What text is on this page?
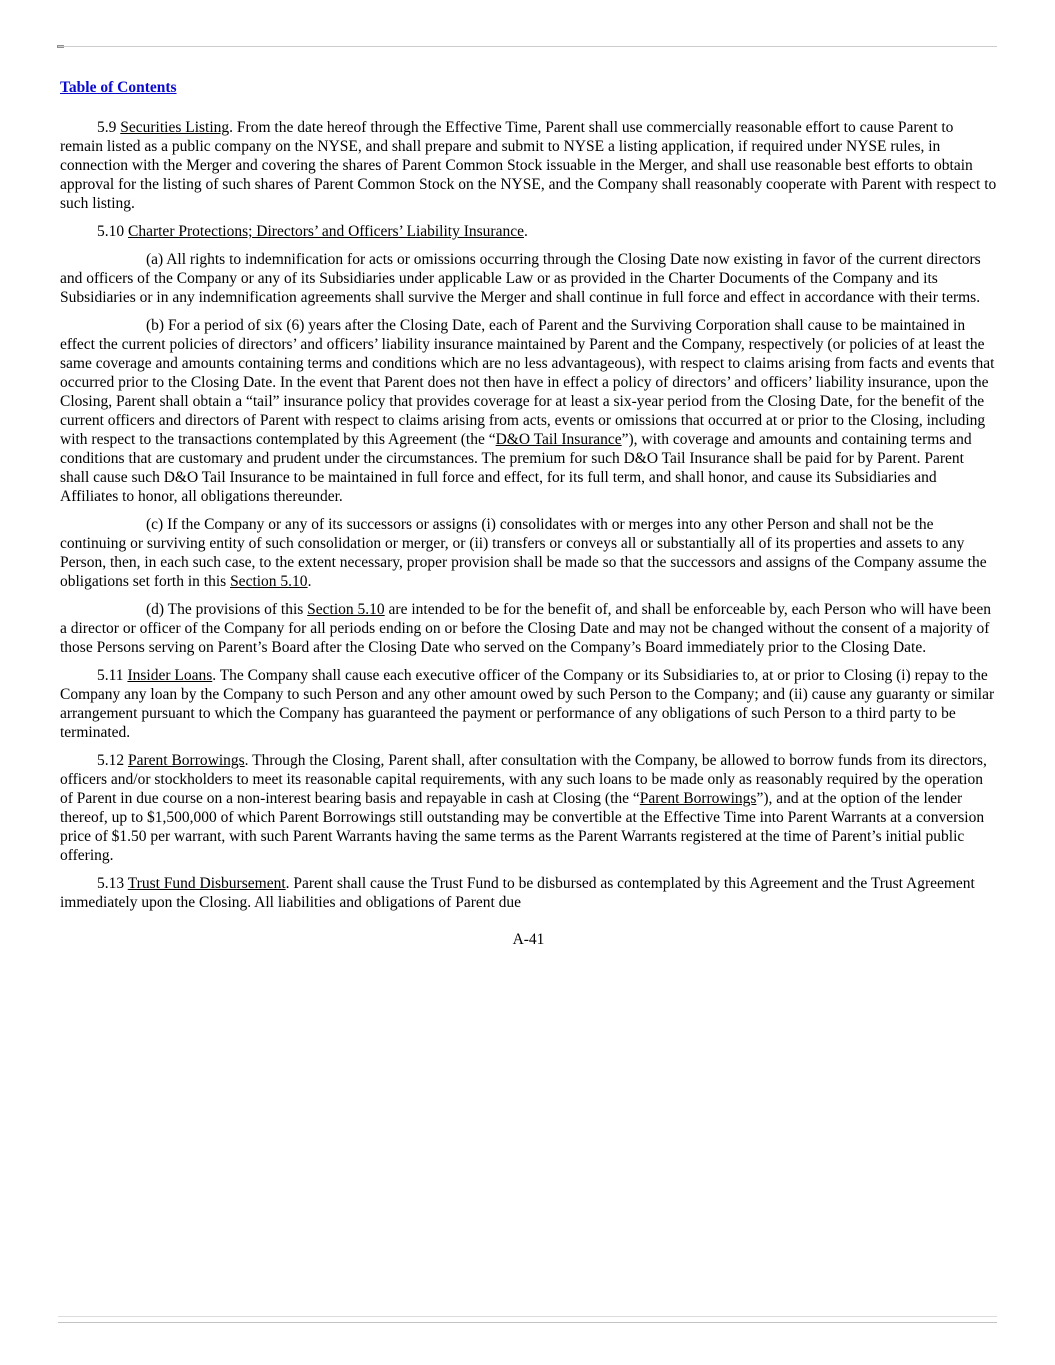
Table of Contents

5.9 Securities Listing. From the date hereof through the Effective Time, Parent shall use commercially reasonable effort to cause Parent to remain listed as a public company on the NYSE, and shall prepare and submit to NYSE a listing application, if required under NYSE rules, in connection with the Merger and covering the shares of Parent Common Stock issuable in the Merger, and shall use reasonable best efforts to obtain approval for the listing of such shares of Parent Common Stock on the NYSE, and the Company shall reasonably cooperate with Parent with respect to such listing.

5.10 Charter Protections; Directors’ and Officers’ Liability Insurance.

(a) All rights to indemnification for acts or omissions occurring through the Closing Date now existing in favor of the current directors and officers of the Company or any of its Subsidiaries under applicable Law or as provided in the Charter Documents of the Company and its Subsidiaries or in any indemnification agreements shall survive the Merger and shall continue in full force and effect in accordance with their terms.

(b) For a period of six (6) years after the Closing Date, each of Parent and the Surviving Corporation shall cause to be maintained in effect the current policies of directors’ and officers’ liability insurance maintained by Parent and the Company, respectively (or policies of at least the same coverage and amounts containing terms and conditions which are no less advantageous), with respect to claims arising from facts and events that occurred prior to the Closing Date. In the event that Parent does not then have in effect a policy of directors’ and officers’ liability insurance, upon the Closing, Parent shall obtain a “tail” insurance policy that provides coverage for at least a six-year period from the Closing Date, for the benefit of the current officers and directors of Parent with respect to claims arising from acts, events or omissions that occurred at or prior to the Closing, including with respect to the transactions contemplated by this Agreement (the “D&O Tail Insurance”), with coverage and amounts and containing terms and conditions that are customary and prudent under the circumstances. The premium for such D&O Tail Insurance shall be paid for by Parent. Parent shall cause such D&O Tail Insurance to be maintained in full force and effect, for its full term, and shall honor, and cause its Subsidiaries and Affiliates to honor, all obligations thereunder.

(c) If the Company or any of its successors or assigns (i) consolidates with or merges into any other Person and shall not be the continuing or surviving entity of such consolidation or merger, or (ii) transfers or conveys all or substantially all of its properties and assets to any Person, then, in each such case, to the extent necessary, proper provision shall be made so that the successors and assigns of the Company assume the obligations set forth in this Section 5.10.

(d) The provisions of this Section 5.10 are intended to be for the benefit of, and shall be enforceable by, each Person who will have been a director or officer of the Company for all periods ending on or before the Closing Date and may not be changed without the consent of a majority of those Persons serving on Parent’s Board after the Closing Date who served on the Company’s Board immediately prior to the Closing Date.

5.11 Insider Loans. The Company shall cause each executive officer of the Company or its Subsidiaries to, at or prior to Closing (i) repay to the Company any loan by the Company to such Person and any other amount owed by such Person to the Company; and (ii) cause any guaranty or similar arrangement pursuant to which the Company has guaranteed the payment or performance of any obligations of such Person to a third party to be terminated.

5.12 Parent Borrowings. Through the Closing, Parent shall, after consultation with the Company, be allowed to borrow funds from its directors, officers and/or stockholders to meet its reasonable capital requirements, with any such loans to be made only as reasonably required by the operation of Parent in due course on a non-interest bearing basis and repayable in cash at Closing (the “Parent Borrowings”), and at the option of the lender thereof, up to $1,500,000 of which Parent Borrowings still outstanding may be convertible at the Effective Time into Parent Warrants at a conversion price of $1.50 per warrant, with such Parent Warrants having the same terms as the Parent Warrants registered at the time of Parent’s initial public offering.

5.13 Trust Fund Disbursement. Parent shall cause the Trust Fund to be disbursed as contemplated by this Agreement and the Trust Agreement immediately upon the Closing. All liabilities and obligations of Parent due

A-41
